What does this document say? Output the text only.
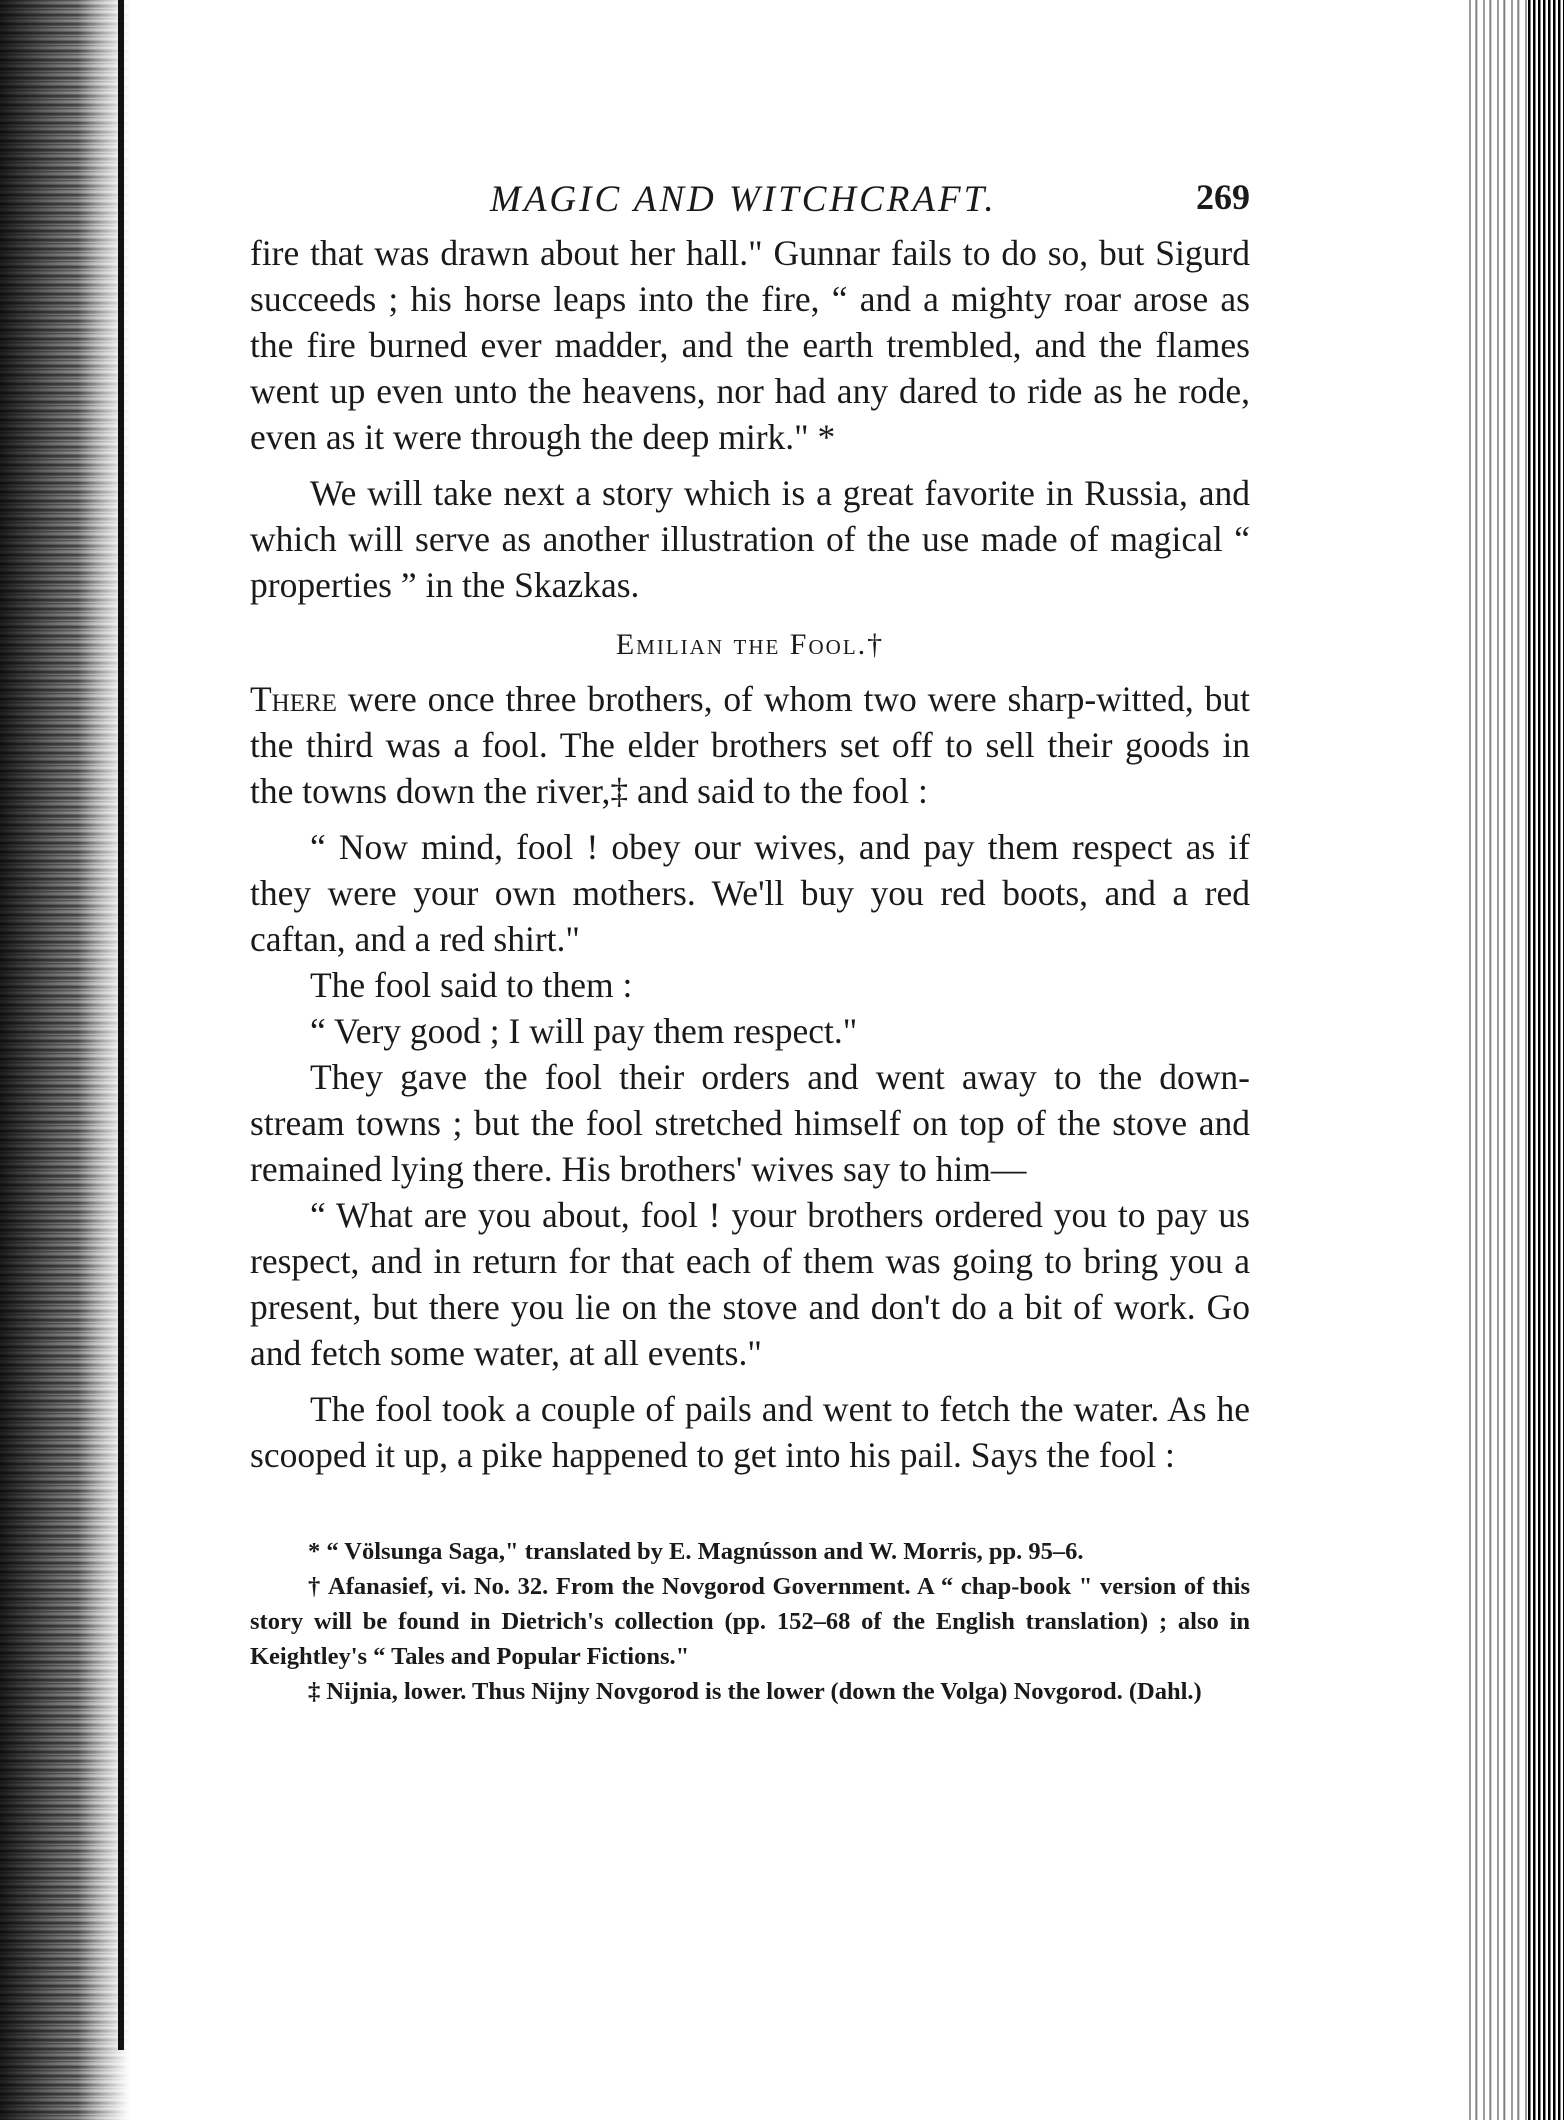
MAGIC AND WITCHCRAFT.	269

fire that was drawn about her hall." Gunnar fails to do so, but Sigurd succeeds ; his horse leaps into the fire, “ and a mighty roar arose as the fire burned ever madder, and the earth trembled, and the flames went up even unto the heavens, nor had any dared to ride as he rode, even as it were through the deep mirk." *

We will take next a story which is a great favorite in Russia, and which will serve as another illustration of the use made of magical “ properties ” in the Skazkas.

Emilian the Fool.†

There were once three brothers, of whom two were sharp-witted, but the third was a fool. The elder brothers set off to sell their goods in the towns down the river,‡ and said to the fool :

“ Now mind, fool ! obey our wives, and pay them respect as if they were your own mothers. We'll buy you red boots, and a red caftan, and a red shirt."

The fool said to them :

“ Very good ; I will pay them respect."

They gave the fool their orders and went away to the down-stream towns ; but the fool stretched himself on top of the stove and remained lying there. His brothers' wives say to him—

“ What are you about, fool ! your brothers ordered you to pay us respect, and in return for that each of them was going to bring you a present, but there you lie on the stove and don't do a bit of work. Go and fetch some water, at all events."

The fool took a couple of pails and went to fetch the water. As he scooped it up, a pike happened to get into his pail. Says the fool :

* “ Völsunga Saga," translated by E. Magnússon and W. Morris, pp. 95–6.

† Afanasief, vi. No. 32. From the Novgorod Government. A “ chap-book " version of this story will be found in Dietrich's collection (pp. 152–68 of the English translation) ; also in Keightley's “ Tales and Popular Fictions."

‡ Nijnia, lower. Thus Nijny Novgorod is the lower (down the Volga) Novgorod. (Dahl.)
